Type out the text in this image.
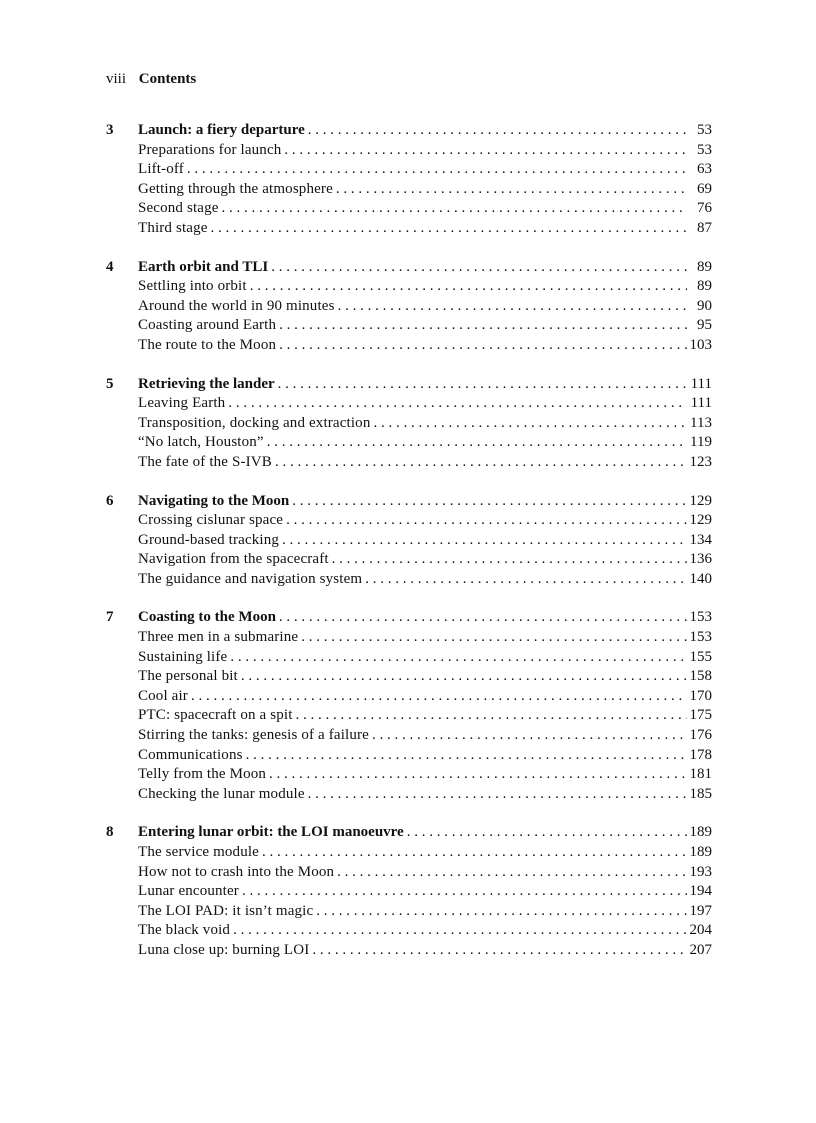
viii Contents
3	Launch: a fiery departure . . .	53
Preparations for launch . . .	53
Lift-off . . .	63
Getting through the atmosphere . . .	69
Second stage . . .	76
Third stage . . .	87
4	Earth orbit and TLI . . .	89
Settling into orbit . . .	89
Around the world in 90 minutes . . .	90
Coasting around Earth . . .	95
The route to the Moon . . .	103
5	Retrieving the lander . . .	111
Leaving Earth . . .	111
Transposition, docking and extraction . . .	113
“No latch, Houston” . . .	119
The fate of the S-IVB . . .	123
6	Navigating to the Moon . . .	129
Crossing cislunar space . . .	129
Ground-based tracking . . .	134
Navigation from the spacecraft . . .	136
The guidance and navigation system . . .	140
7	Coasting to the Moon . . .	153
Three men in a submarine . . .	153
Sustaining life . . .	155
The personal bit . . .	158
Cool air . . .	170
PTC: spacecraft on a spit . . .	175
Stirring the tanks: genesis of a failure . . .	176
Communications . . .	178
Telly from the Moon . . .	181
Checking the lunar module . . .	185
8	Entering lunar orbit: the LOI manoeuvre . . .	189
The service module . . .	189
How not to crash into the Moon . . .	193
Lunar encounter . . .	194
The LOI PAD: it isn’t magic . . .	197
The black void . . .	204
Luna close up: burning LOI . . .	207
